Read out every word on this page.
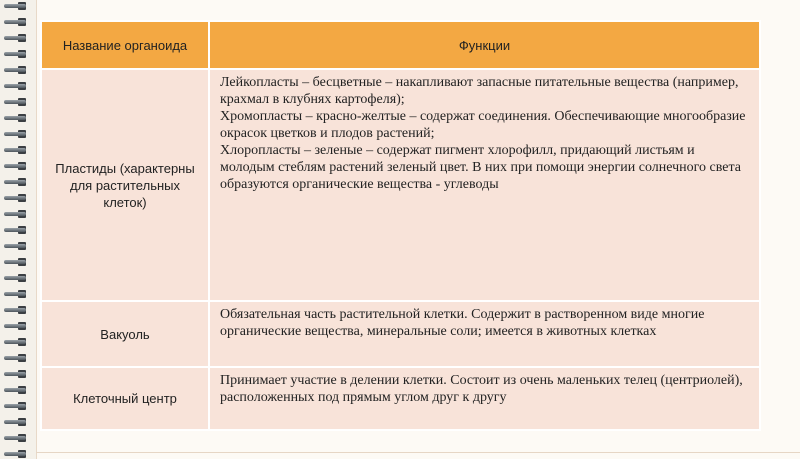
Название органоида	Функции
Пластиды (характерны для растительных клеток)	Лейкопласты – бесцветные – накапливают запасные питательные вещества (например, крахмал в клубнях картофеля);

Хромопласты – красно-желтые – содержат соединения. Обеспечивающие многообразие окрасок цветков и плодов растений;

Хлоропласты – зеленые – содержат пигмент хлорофилл, придающий листьям и молодым стеблям растений зеленый цвет. В них при помощи энергии солнечного света образуются органические вещества - углеводы

Вакуоль	Обязательная часть растительной клетки. Содержит в растворенном виде многие органические вещества, минеральные соли; имеется в животных клетках

Клеточный центр	Принимает участие в делении клетки. Состоит из очень маленьких телец (центриолей), расположенных под прямым углом друг к другу
